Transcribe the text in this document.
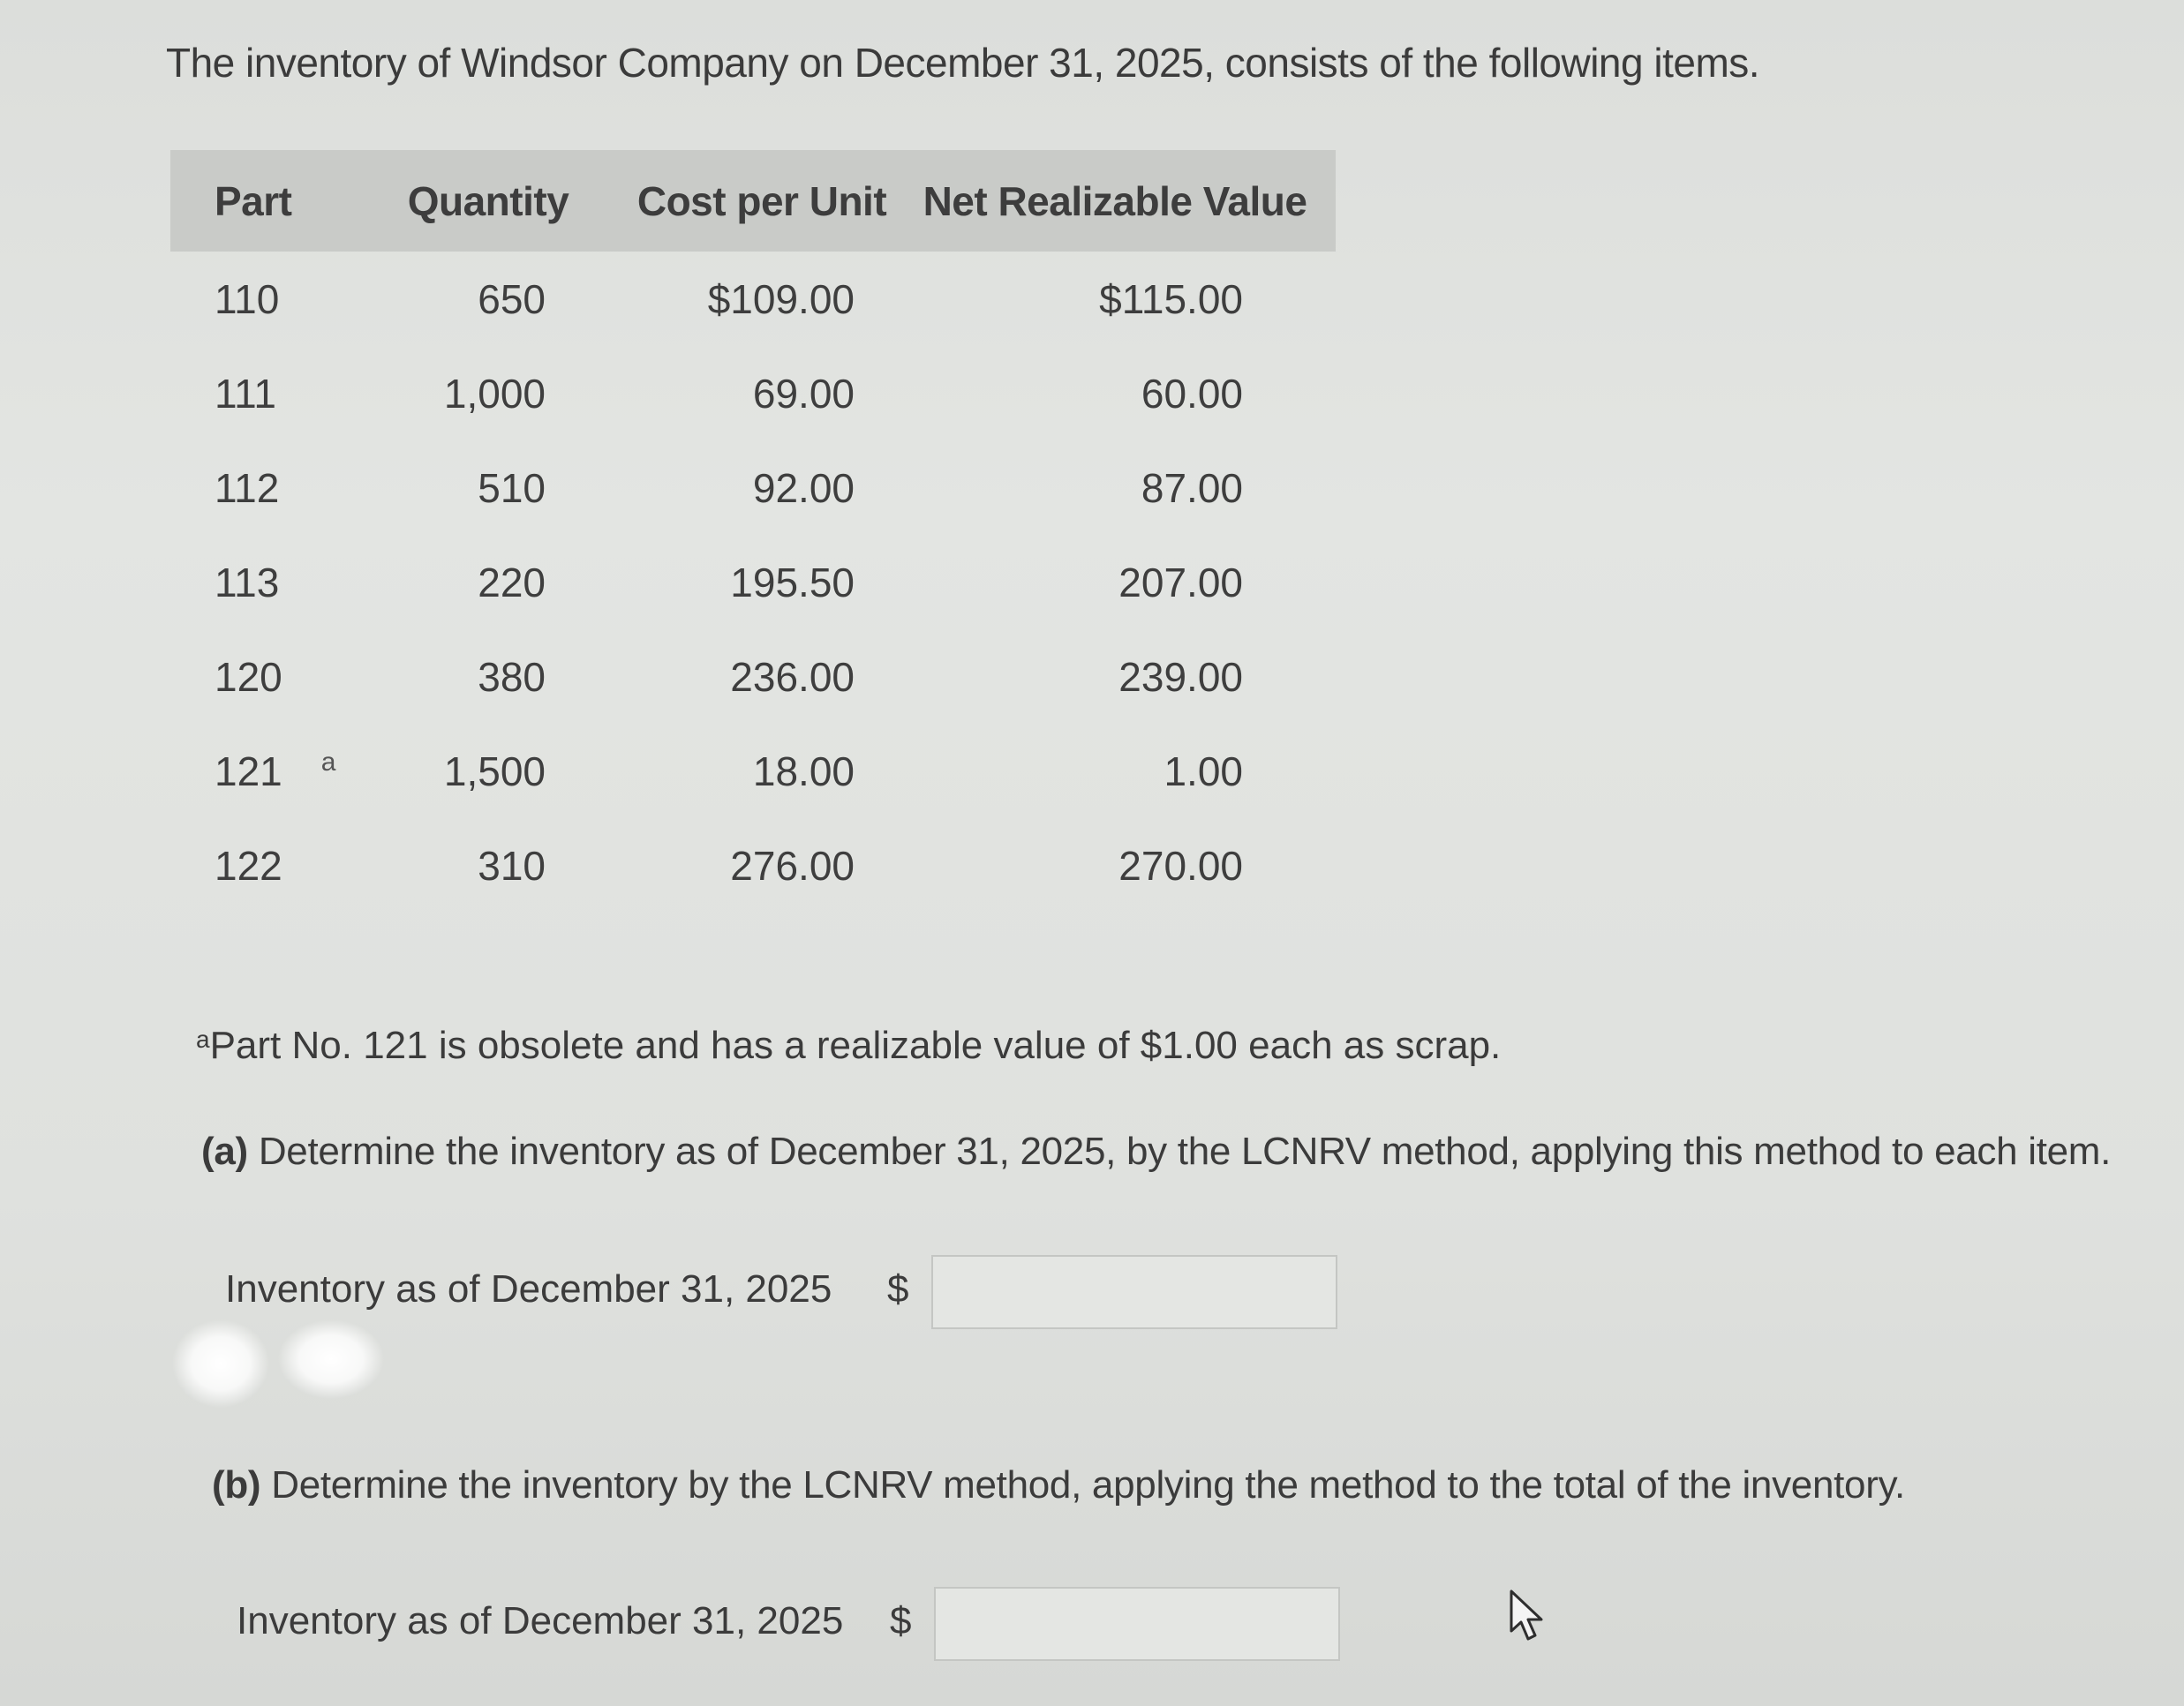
The inventory of Windsor Company on December 31, 2025, consists of the following items.
Part	Quantity	Cost per Unit	Net Realizable Value
110	650	$109.00	$115.00
111	1,000	69.00	60.00
112	510	92.00	87.00
113	220	195.50	207.00
120	380	236.00	239.00
121 $^a$	1,500	18.00	1.00
122	310	276.00	270.00
$^a$Part No. 121 is obsolete and has a realizable value of $1.00 each as scrap.
(a) Determine the inventory as of December 31, 2025, by the LCNRV method, applying this method to each item.
Inventory as of December 31, 2025 $
(b) Determine the inventory by the LCNRV method, applying the method to the total of the inventory.
Inventory as of December 31, 2025 $
